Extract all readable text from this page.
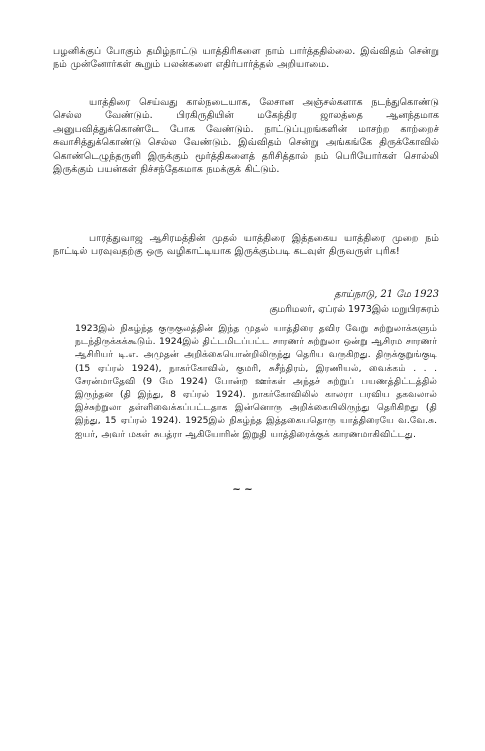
பழனிக்குப் போகும் தமிழ்நாட்டு யாத்திரிகளை நாம் பார்த்ததில்லை. இவ்விதம் சென்று நம் முன்னோர்கள் கூறும் பலன்களை எதிர்பார்த்தல் அறியாமை.

யாத்திரை செய்வது கால்நடையாக, லேசான அஞ்சல்களாக நடந்துகொண்டு செல்ல வேண்டும். பிரகிருதியின் மகேந்திர ஜாலத்தை ஆனந்தமாக அனுபவித்துக்கொண்டே போக வேண்டும். நாட்டுப்புறங்களின் மாசற்ற காற்றைச் சுவாசித்துக்கொண்டு செல்ல வேண்டும். இவ்விதம் சென்று அங்கங்கே திருக்கோவில் கொண்டெழுந்தருளி இருக்கும் மூர்த்திகளைத் தரிசித்தால் நம் பெரியோர்கள் சொல்லி இருக்கும் பயன்கள் நிச்சந்தேகமாக நமக்குக் கிட்டும்.

பாரத்துவாஜ ஆசிரமத்தின் முதல் யாத்திரை இத்தகைய யாத்திரை முறை நம் நாட்டில் பரவுவதற்கு ஒரு வழிகாட்டியாக இருக்கும்படி கடவுள் திருவருள் புரிக!

தாய்நாடு, 21 மே 1923

குமரிமலர், ஏப்ரல் 1973இல் மறுபிரசுரம்

1923இல் நிகழ்ந்த குருகுலத்தின் இந்த முதல் யாத்திரை தவிர வேறு சுற்றுலாக்களும் நடந்திருக்கக்கூடும். 1924இல் திட்டமிடப்பட்ட சாரணர் சுற்றுலா ஒன்று ஆசிரம சாரணர் ஆசிரியர் டி.எ. அமுதன் அறிக்கையொன்றிலிருந்து தெரிய வருகிறது. திருக்குறுங்குடி (15 ஏப்ரல் 1924), நாகர்கோவில், குமரி, சுசீந்திரம், இரணியல், வைக்கம் . . . சேரன்மாதேவி (9 மே 1924) போன்ற ஊர்கள் அந்தச் சுற்றுப் பயணத்திட்டத்தில் இருந்தன (தி இந்து, 8 ஏப்ரல் 1924). நாகர்கோவிலில் காலரா பரவிய தகவலால் இச்சுற்றுலா தள்ளிவைக்கப்பட்டதாக இன்னொரு அறிக்கையிலிருந்து தெரிகிறது (தி இந்து, 15 ஏப்ரல் 1924). 1925இல் நிகழ்ந்த இத்தகையதொரு யாத்திரையே வ.வே.சு. ஐயர், அவர் மகள் சுபத்ரா ஆகியோரின் இறுதி யாத்திரைக்குக் காரணமாகிவிட்டது.

~ ~
